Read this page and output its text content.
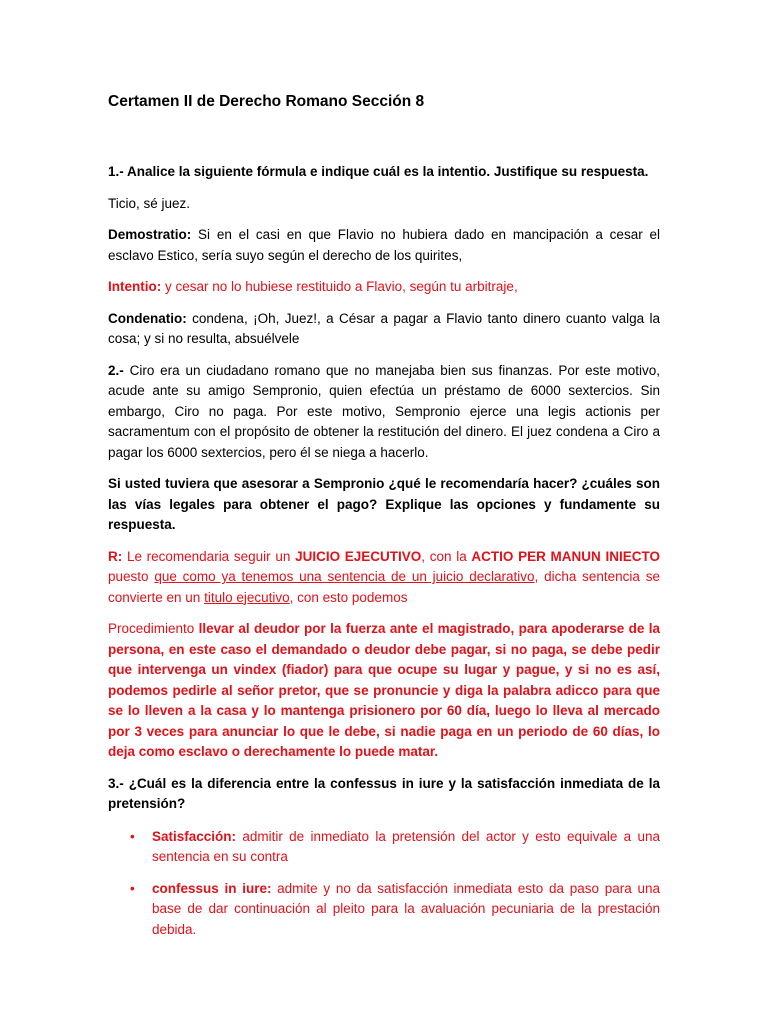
Certamen II de Derecho Romano Sección 8

1.- Analice la siguiente fórmula e indique cuál es la intentio. Justifique su respuesta.

Ticio, sé juez.

Demostratio: Si en el casi en que Flavio no hubiera dado en mancipación a cesar el esclavo Estico, sería suyo según el derecho de los quirites,

Intentio: y cesar no lo hubiese restituido a Flavio, según tu arbitraje,

Condenatio: condena, ¡Oh, Juez!, a César a pagar a Flavio tanto dinero cuanto valga la cosa; y si no resulta, absuélvele

2.- Ciro era un ciudadano romano que no manejaba bien sus finanzas. Por este motivo, acude ante su amigo Sempronio, quien efectúa un préstamo de 6000 sextercios. Sin embargo, Ciro no paga. Por este motivo, Sempronio ejerce una legis actionis per sacramentum con el propósito de obtener la restitución del dinero. El juez condena a Ciro a pagar los 6000 sextercios, pero él se niega a hacerlo.

Si usted tuviera que asesorar a Sempronio ¿qué le recomendaría hacer? ¿cuáles son las vías legales para obtener el pago? Explique las opciones y fundamente su respuesta.

R: Le recomendaria seguir un JUICIO EJECUTIVO, con la ACTIO PER MANUN INIECTO puesto que como ya tenemos una sentencia de un juicio declarativo, dicha sentencia se convierte en un titulo ejecutivo, con esto podemos

Procedimiento llevar al deudor por la fuerza ante el magistrado, para apoderarse de la persona, en este caso el demandado o deudor debe pagar, si no paga, se debe pedir que intervenga un vindex (fiador) para que ocupe su lugar y pague, y si no es así, podemos pedirle al señor pretor, que se pronuncie y diga la palabra adicco para que se lo lleven a la casa y lo mantenga prisionero por 60 día, luego lo lleva al mercado por 3 veces para anunciar lo que le debe, si nadie paga en un periodo de 60 días, lo deja como esclavo o derechamente lo puede matar.

3.- ¿Cuál es la diferencia entre la confessus in iure y la satisfacción inmediata de la pretensión?

• Satisfacción: admitir de inmediato la pretensión del actor y esto equivale a una sentencia en su contra
• confessus in iure: admite y no da satisfacción inmediata esto da paso para una base de dar continuación al pleito para la avaluación pecuniaria de la prestación debida.
